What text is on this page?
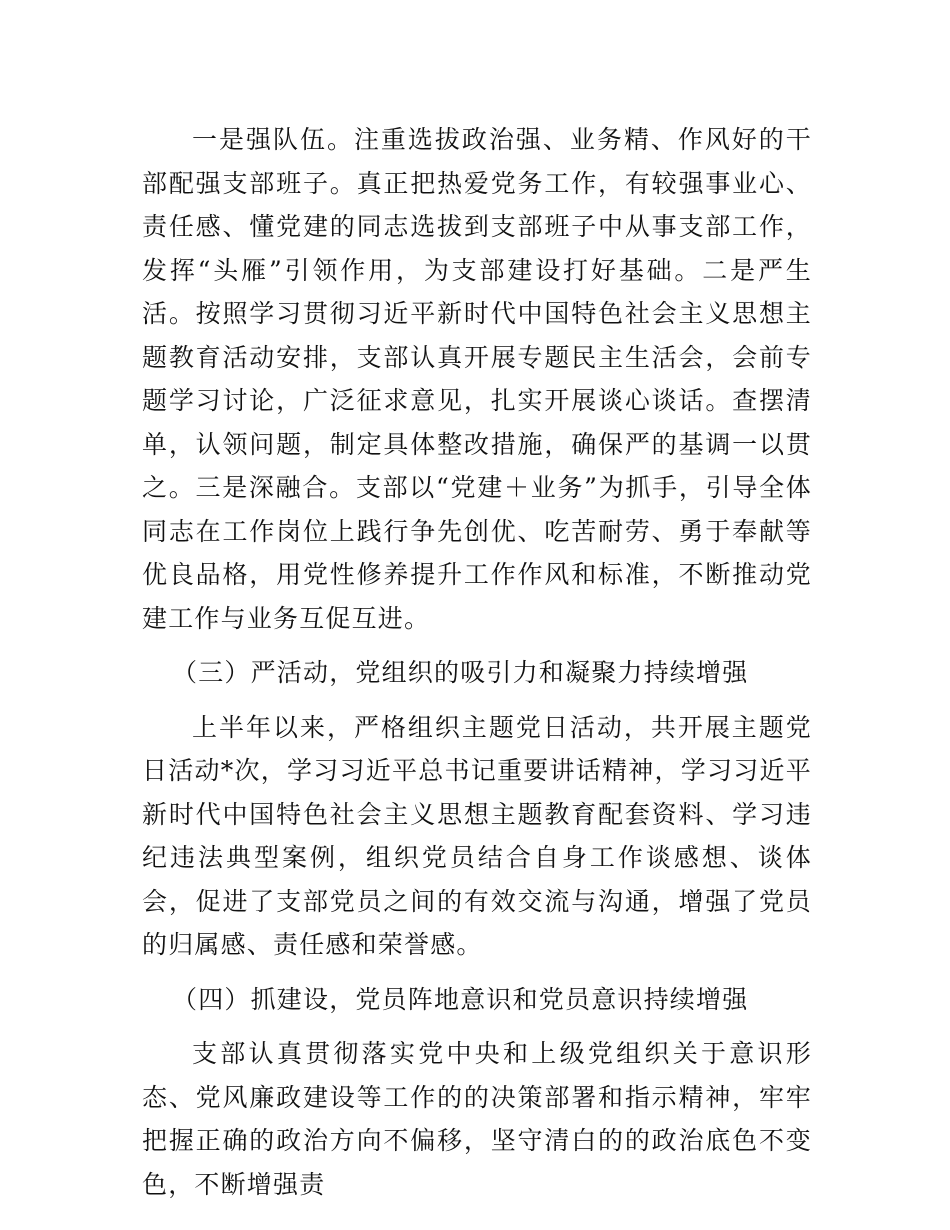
一是强队伍。注重选拔政治强、业务精、作风好的干部配强支部班子。真正把热爱党务工作，有较强事业心、责任感、懂党建的同志选拔到支部班子中从事支部工作，发挥“头雁”引领作用，为支部建设打好基础。二是严生活。按照学习贯彻习近平新时代中国特色社会主义思想主题教育活动安排，支部认真开展专题民主生活会，会前专题学习讨论，广泛征求意见，扎实开展谈心谈话。查摆清单，认领问题，制定具体整改措施，确保严的基调一以贯之。三是深融合。支部以“党建＋业务”为抓手，引导全体同志在工作岗位上践行争先创优、吃苦耐劳、勇于奉献等优良品格，用党性修养提升工作作风和标准，不断推动党建工作与业务互促互进。

（三）严活动，党组织的吸引力和凝聚力持续增强

上半年以来，严格组织主题党日活动，共开展主题党日活动*次，学习习近平总书记重要讲话精神，学习习近平新时代中国特色社会主义思想主题教育配套资料、学习违纪违法典型案例，组织党员结合自身工作谈感想、谈体会，促进了支部党员之间的有效交流与沟通，增强了党员的归属感、责任感和荣誉感。

（四）抓建设，党员阵地意识和党员意识持续增强

支部认真贯彻落实党中央和上级党组织关于意识形态、党风廉政建设等工作的的决策部署和指示精神，牢牢把握正确的政治方向不偏移，坚守清白的的政治底色不变色，不断增强责
